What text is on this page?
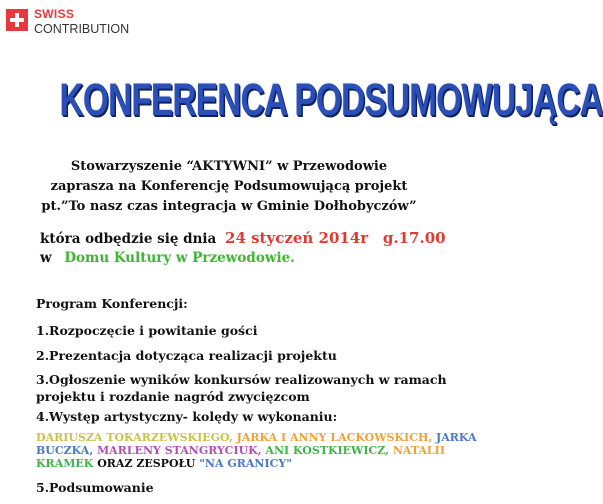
SWISS
CONTRIBUTION
KONFERENCA PODSUMOWUJĄCA
Stowarzyszenie “AKTYWNI” w Przewodowie
zaprasza na Konferencję Podsumowującą projekt
pt.”To nasz czas integracja w Gminie Dołhobyczów”
która odbędzie się dnia 24 styczeń 2014r g.17.00
w Domu Kultury w Przewodowie.
Program Konferencji:
1.Rozpoczęcie i powitanie gości
2.Prezentacja dotycząca realizacji projektu
3.Ogłoszenie wyników konkursów realizowanych w ramach
projektu i rozdanie nagród zwycięzcom
4.Występ artystyczny- kolędy w wykonaniu:
DARIUSZA TOKARZEWSKIEGO, JARKA I ANNY LACKOWSKICH, JARKA
BUCZKA, MARLENY STANGRYCIUK, ANI KOSTKIEWICZ, NATALII
KRAMEK ORAZ ZESPOŁU "NA GRANICY"
5.Podsumowanie
